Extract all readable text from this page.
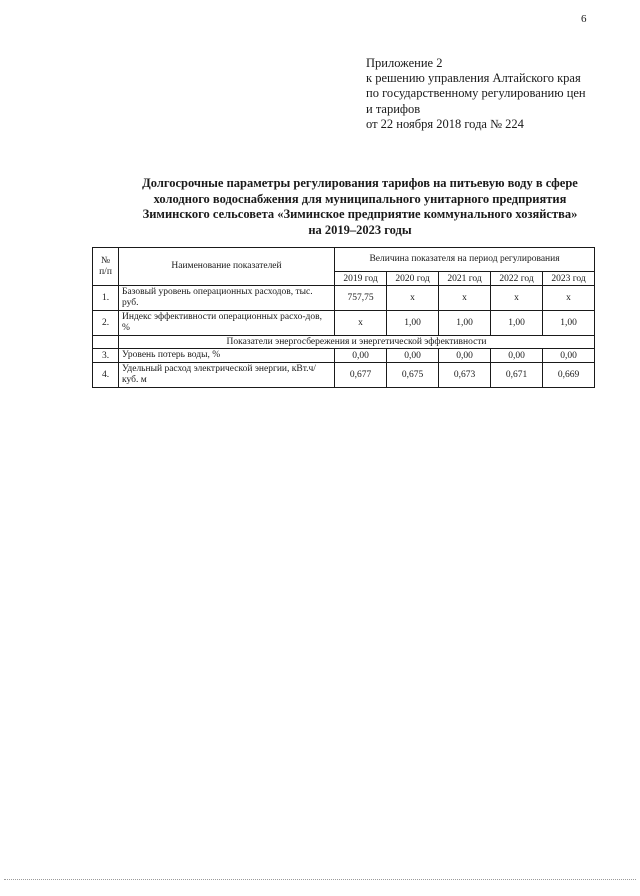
6
Приложение 2
к решению управления Алтайского края
по государственному регулированию цен
и тарифов
от 22 ноября 2018 года № 224
Долгосрочные параметры регулирования тарифов на питьевую воду в сфере
холодного водоснабжения для муниципального унитарного предприятия
Зиминского сельсовета «Зиминское предприятие коммунального хозяйства»
на 2019–2023 годы
№ п/п	Наименование показателей	Величина показателя на период регулирования				
		2019 год	2020 год	2021 год	2022 год	2023 год
1.	Базовый уровень операционных расходов, тыс. руб.	757,75	х	х	х	х
2.	Индекс эффективности операционных расхо-дов, %	х	1,00	1,00	1,00	1,00
	Показатели энергосбережения и энергетической эффективности					
3.	Уровень потерь воды, %	0,00	0,00	0,00	0,00	0,00
4.	Удельный расход электрической энергии, кВт.ч/куб. м	0,677	0,675	0,673	0,671	0,669
